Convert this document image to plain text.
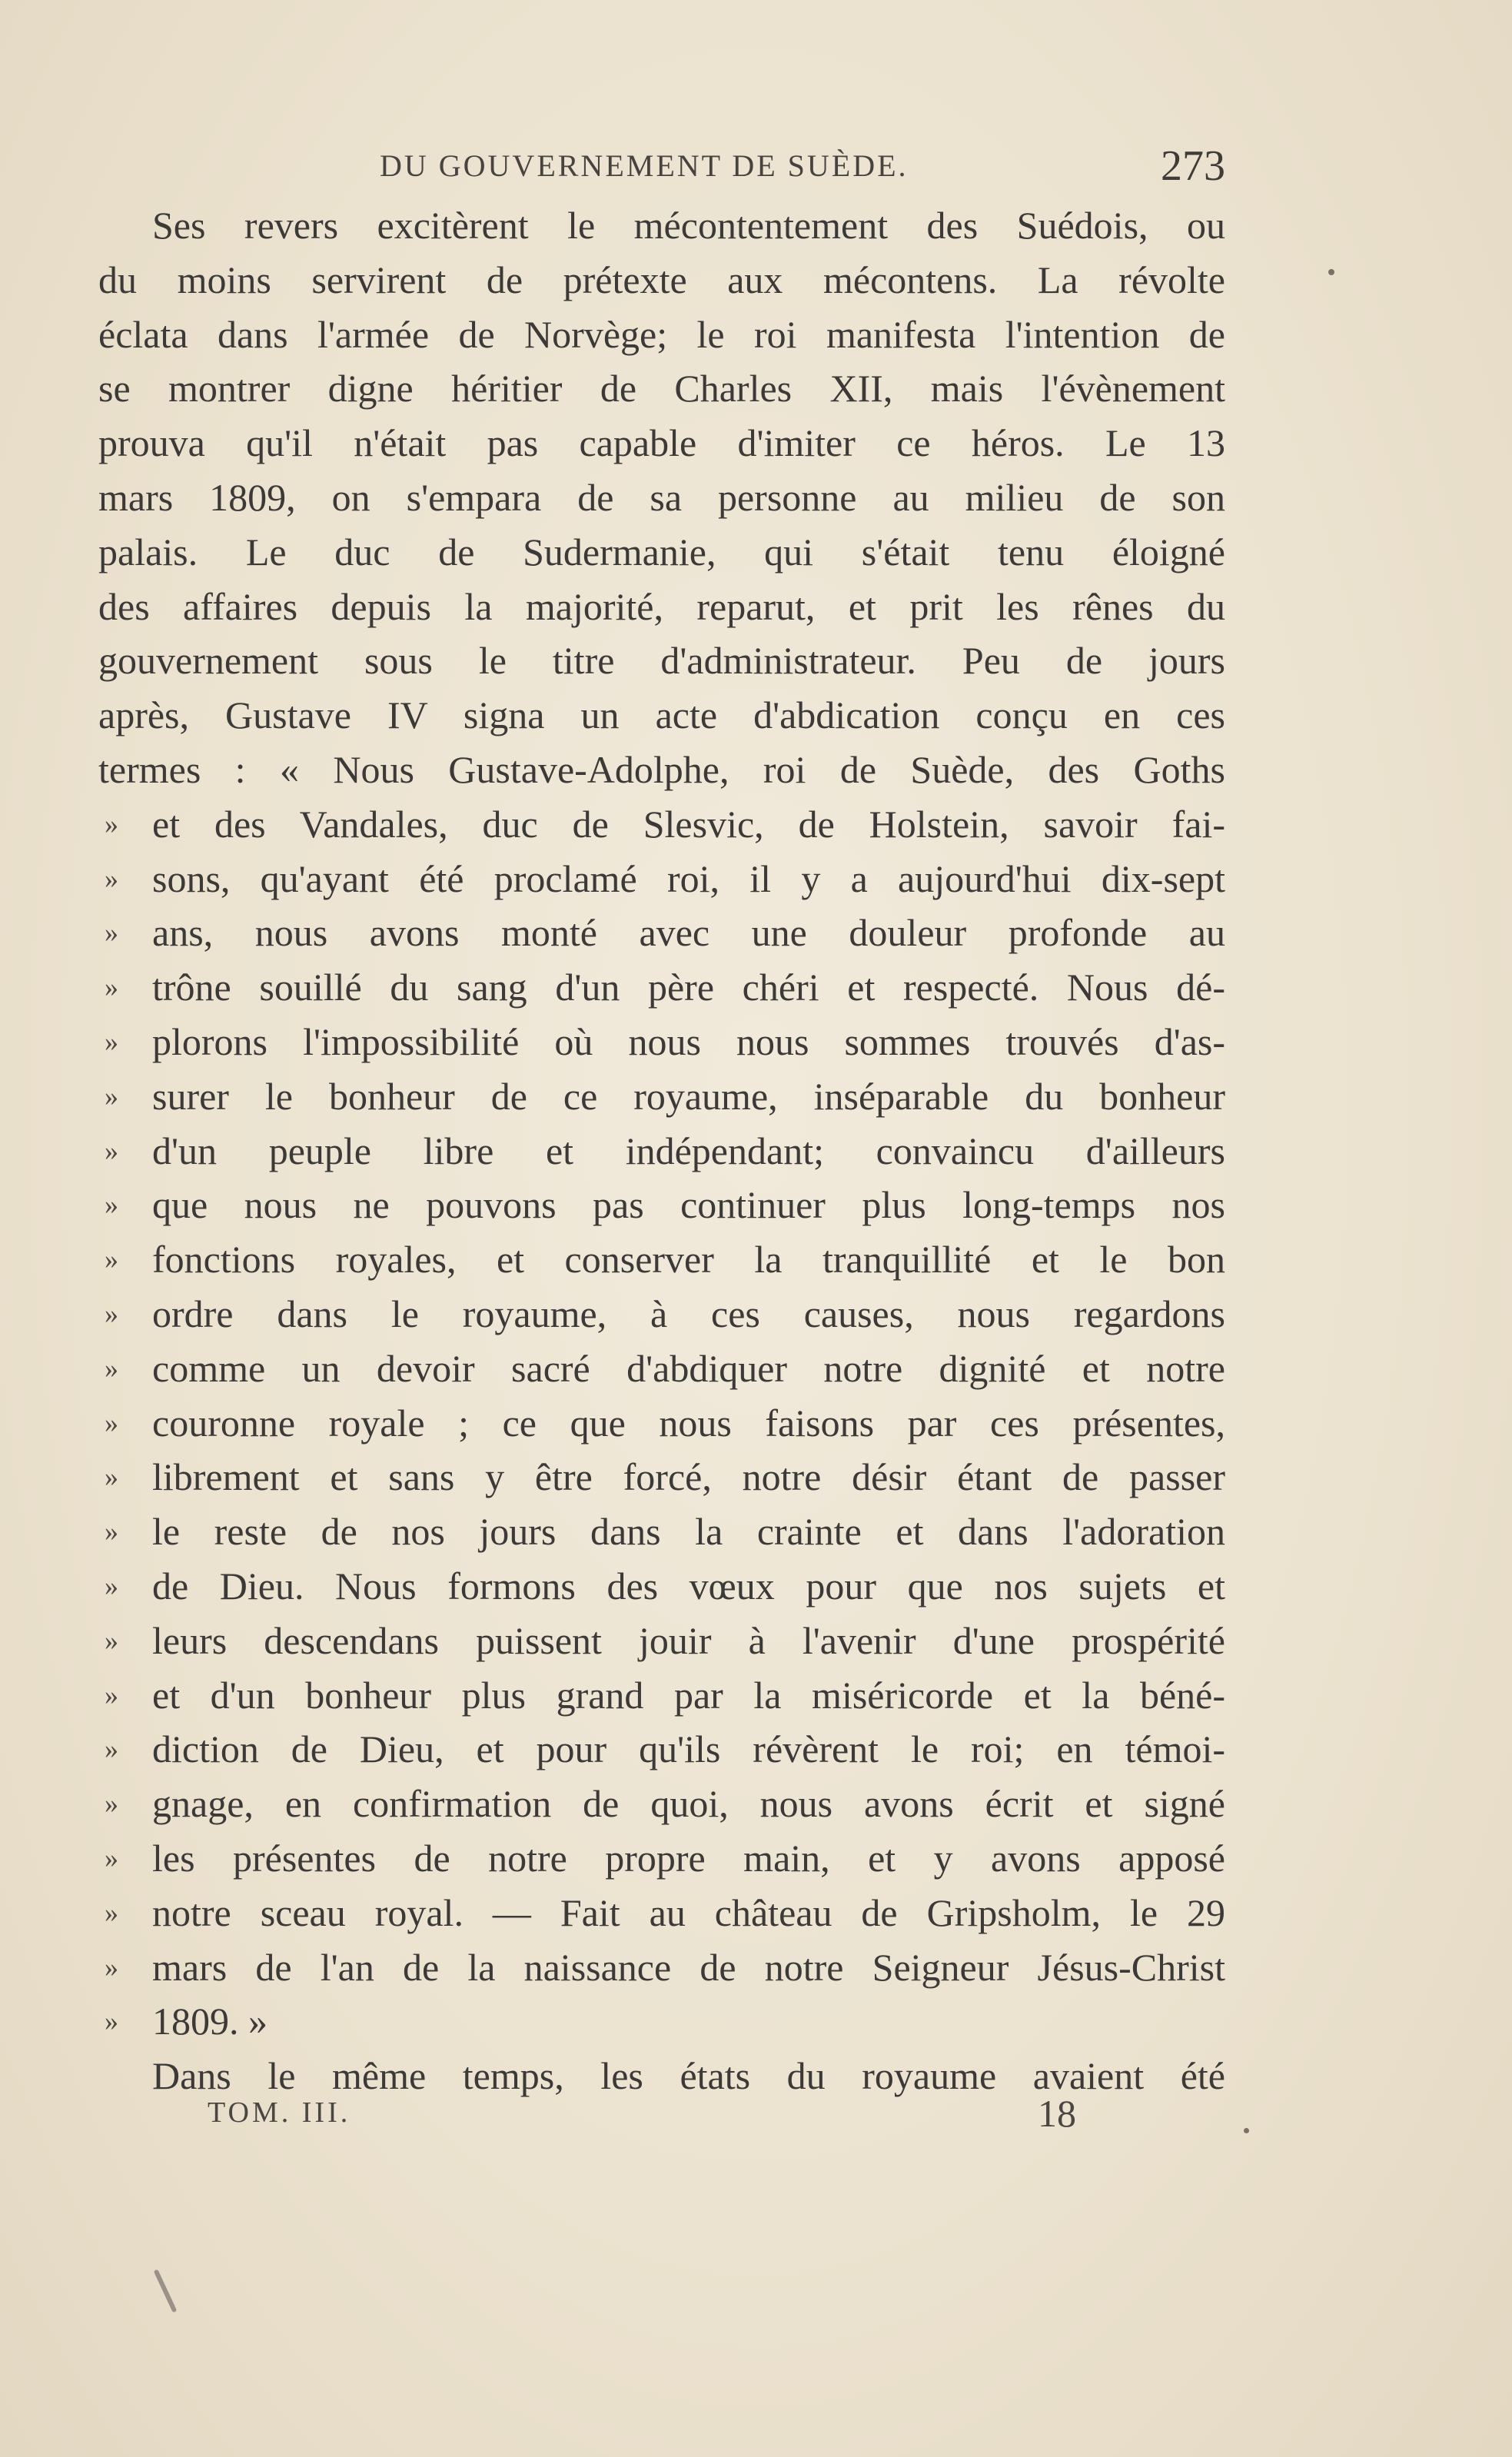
DU GOUVERNEMENT DE SUÈDE.	273
Ses revers excitèrent le mécontentement des Suédois, ou
du moins servirent de prétexte aux mécontens. La révolte
éclata dans l'armée de Norvège; le roi manifesta l'intention de
se montrer digne héritier de Charles XII, mais l'évènement
prouva qu'il n'était pas capable d'imiter ce héros. Le 13
mars 1809, on s'empara de sa personne au milieu de son
palais. Le duc de Sudermanie, qui s'était tenu éloigné
des affaires depuis la majorité, reparut, et prit les rênes du
gouvernement sous le titre d'administrateur. Peu de jours
après, Gustave IV signa un acte d'abdication conçu en ces
termes : « Nous Gustave-Adolphe, roi de Suède, des Goths
» et des Vandales, duc de Slesvic, de Holstein, savoir fai-
» sons, qu'ayant été proclamé roi, il y a aujourd'hui dix-sept
» ans, nous avons monté avec une douleur profonde au
» trône souillé du sang d'un père chéri et respecté. Nous dé-
» plorons l'impossibilité où nous nous sommes trouvés d'as-
» surer le bonheur de ce royaume, inséparable du bonheur
» d'un peuple libre et indépendant; convaincu d'ailleurs
» que nous ne pouvons pas continuer plus long-temps nos
» fonctions royales, et conserver la tranquillité et le bon
» ordre dans le royaume, à ces causes, nous regardons
» comme un devoir sacré d'abdiquer notre dignité et notre
» couronne royale ; ce que nous faisons par ces présentes,
» librement et sans y être forcé, notre désir étant de passer
» le reste de nos jours dans la crainte et dans l'adoration
» de Dieu. Nous formons des vœux pour que nos sujets et
» leurs descendans puissent jouir à l'avenir d'une prospérité
» et d'un bonheur plus grand par la miséricorde et la béné-
» diction de Dieu, et pour qu'ils révèrent le roi; en témoi-
» gnage, en confirmation de quoi, nous avons écrit et signé
» les présentes de notre propre main, et y avons apposé
» notre sceau royal. — Fait au château de Gripsholm, le 29
» mars de l'an de la naissance de notre Seigneur Jésus-Christ
» 1809. »
Dans le même temps, les états du royaume avaient été
TOM. III.	18
